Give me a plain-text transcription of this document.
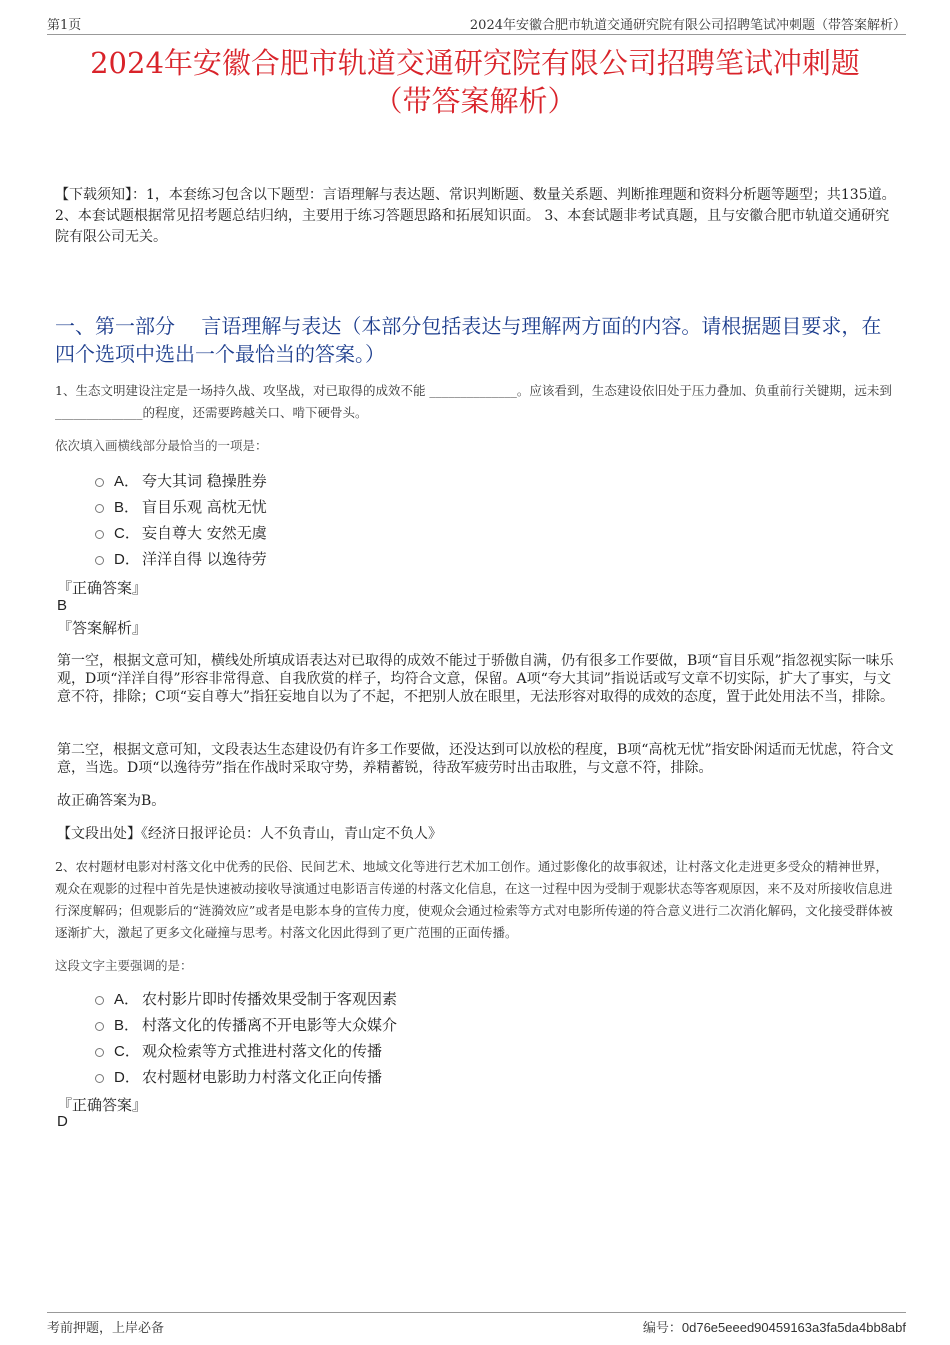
第1页	2024年安徽合肥市轨道交通研究院有限公司招聘笔试冲刺题（带答案解析）
2024年安徽合肥市轨道交通研究院有限公司招聘笔试冲刺题
（带答案解析）
【下载须知】：1，本套练习包含以下题型：言语理解与表达题、常识判断题、数量关系题、判断推理题和资料分析题等题型；共135道。 2、本套试题根据常见招考题总结归纳，主要用于练习答题思路和拓展知识面。 3、本套试题非考试真题，且与安徽合肥市轨道交通研究院有限公司无关。
一、第一部分　 言语理解与表达（本部分包括表达与理解两方面的内容。请根据题目要求，在四个选项中选出一个最恰当的答案。）
1、生态文明建设注定是一场持久战、攻坚战，对已取得的成效不能 ______________。应该看到，生态建设依旧处于压力叠加、负重前行关键期，远未到 ______________的程度，还需要跨越关口、啃下硬骨头。
依次填入画横线部分最恰当的一项是：
A． 夸大其词 稳操胜券
B． 盲目乐观 高枕无忧
C． 妄自尊大 安然无虞
D． 洋洋自得 以逸待劳
『正确答案』
B
『答案解析』
第一空，根据文意可知，横线处所填成语表达对已取得的成效不能过于骄傲自满，仍有很多工作要做，B项“盲目乐观”指忽视实际一味乐观，D项“洋洋自得”形容非常得意、自我欣赏的样子，均符合文意，保留。A项“夸大其词”指说话或写文章不切实际，扩大了事实，与文意不符，排除；C项“妄自尊大”指狂妄地自以为了不起，不把别人放在眼里，无法形容对取得的成效的态度，置于此处用法不当，排除。
第二空，根据文意可知，文段表达生态建设仍有许多工作要做，还没达到可以放松的程度，B项“高枕无忧”指安卧闲适而无忧虑，符合文意，当选。D项“以逸待劳”指在作战时采取守势，养精蓄锐，待敌军疲劳时出击取胜，与文意不符，排除。
故正确答案为B。
【文段出处】《经济日报评论员：人不负青山，青山定不负人》
2、农村题材电影对村落文化中优秀的民俗、民间艺术、地域文化等进行艺术加工创作。通过影像化的故事叙述，让村落文化走进更多受众的精神世界，观众在观影的过程中首先是快速被动接收导演通过电影语言传递的村落文化信息，在这一过程中因为受制于观影状态等客观原因，来不及对所接收信息进行深度解码；但观影后的“涟漪效应”或者是电影本身的宣传力度，使观众会通过检索等方式对电影所传递的符合意义进行二次消化解码，文化接受群体被逐渐扩大，激起了更多文化碰撞与思考。村落文化因此得到了更广范围的正面传播。
这段文字主要强调的是：
A． 农村影片即时传播效果受制于客观因素
B． 村落文化的传播离不开电影等大众媒介
C． 观众检索等方式推进村落文化的传播
D． 农村题材电影助力村落文化正向传播
『正确答案』
D
考前押题，上岸必备	编号：0d76e5eeed90459163a3fa5da4bb8abf
